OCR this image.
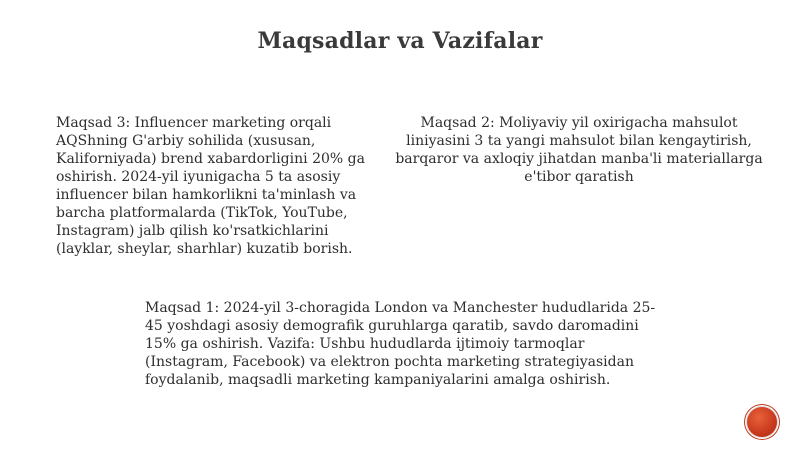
Maqsadlar va Vazifalar
Maqsad 3: Influencer marketing orqali AQShning G'arbiy sohilida (xususan, Kaliforniyada) brend xabardorligini 20% ga oshirish. 2024-yil iyunigacha 5 ta asosiy influencer bilan hamkorlikni ta'minlash va barcha platformalarda (TikTok, YouTube, Instagram) jalb qilish ko'rsatkichlarini (layklar, sheylar, sharhlar) kuzatib borish.
Maqsad 2: Moliyaviy yil oxirigacha mahsulot liniyasini 3 ta yangi mahsulot bilan kengaytirish, barqaror va axloqiy jihatdan manba'li materiallarga e'tibor qaratish
Maqsad 1: 2024-yil 3-choragida London va Manchester hududlarida 25-45 yoshdagi asosiy demografik guruhlarga qaratib, savdo daromadini 15% ga oshirish. Vazifa: Ushbu hududlarda ijtimoiy tarmoqlar (Instagram, Facebook) va elektron pochta marketing strategiyasidan foydalanib, maqsadli marketing kampaniyalarini amalga oshirish.
